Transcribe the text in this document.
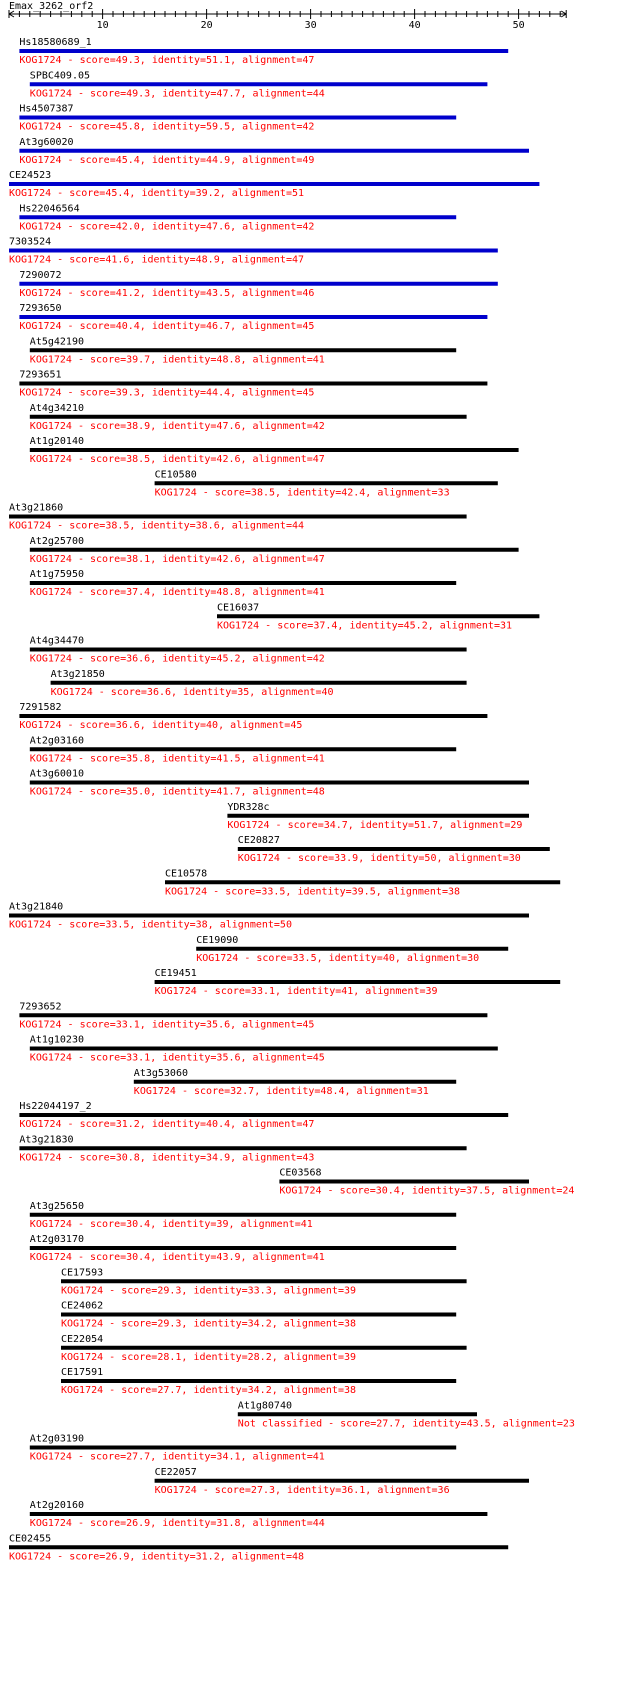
Emax_3262_orf2
10	20	30	40	50
Hs18580689_1
KOG1724 - score=49.3, identity=51.1, alignment=47
SPBC409.05
KOG1724 - score=49.3, identity=47.7, alignment=44
Hs4507387
KOG1724 - score=45.8, identity=59.5, alignment=42
At3g60020
KOG1724 - score=45.4, identity=44.9, alignment=49
CE24523
KOG1724 - score=45.4, identity=39.2, alignment=51
Hs22046564
KOG1724 - score=42.0, identity=47.6, alignment=42
7303524
KOG1724 - score=41.6, identity=48.9, alignment=47
7290072
KOG1724 - score=41.2, identity=43.5, alignment=46
7293650
KOG1724 - score=40.4, identity=46.7, alignment=45
At5g42190
KOG1724 - score=39.7, identity=48.8, alignment=41
7293651
KOG1724 - score=39.3, identity=44.4, alignment=45
At4g34210
KOG1724 - score=38.9, identity=47.6, alignment=42
At1g20140
KOG1724 - score=38.5, identity=42.6, alignment=47
CE10580
KOG1724 - score=38.5, identity=42.4, alignment=33
At3g21860
KOG1724 - score=38.5, identity=38.6, alignment=44
At2g25700
KOG1724 - score=38.1, identity=42.6, alignment=47
At1g75950
KOG1724 - score=37.4, identity=48.8, alignment=41
CE16037
KOG1724 - score=37.4, identity=45.2, alignment=31
At4g34470
KOG1724 - score=36.6, identity=45.2, alignment=42
At3g21850
KOG1724 - score=36.6, identity=35, alignment=40
7291582
KOG1724 - score=36.6, identity=40, alignment=45
At2g03160
KOG1724 - score=35.8, identity=41.5, alignment=41
At3g60010
KOG1724 - score=35.0, identity=41.7, alignment=48
YDR328c
KOG1724 - score=34.7, identity=51.7, alignment=29
CE20827
KOG1724 - score=33.9, identity=50, alignment=30
CE10578
KOG1724 - score=33.5, identity=39.5, alignment=38
At3g21840
KOG1724 - score=33.5, identity=38, alignment=50
CE19090
KOG1724 - score=33.5, identity=40, alignment=30
CE19451
KOG1724 - score=33.1, identity=41, alignment=39
7293652
KOG1724 - score=33.1, identity=35.6, alignment=45
At1g10230
KOG1724 - score=33.1, identity=35.6, alignment=45
At3g53060
KOG1724 - score=32.7, identity=48.4, alignment=31
Hs22044197_2
KOG1724 - score=31.2, identity=40.4, alignment=47
At3g21830
KOG1724 - score=30.8, identity=34.9, alignment=43
CE03568
KOG1724 - score=30.4, identity=37.5, alignment=24
At3g25650
KOG1724 - score=30.4, identity=39, alignment=41
At2g03170
KOG1724 - score=30.4, identity=43.9, alignment=41
CE17593
KOG1724 - score=29.3, identity=33.3, alignment=39
CE24062
KOG1724 - score=29.3, identity=34.2, alignment=38
CE22054
KOG1724 - score=28.1, identity=28.2, alignment=39
CE17591
KOG1724 - score=27.7, identity=34.2, alignment=38
At1g80740
Not classified - score=27.7, identity=43.5, alignment=23
At2g03190
KOG1724 - score=27.7, identity=34.1, alignment=41
CE22057
KOG1724 - score=27.3, identity=36.1, alignment=36
At2g20160
KOG1724 - score=26.9, identity=31.8, alignment=44
CE02455
KOG1724 - score=26.9, identity=31.2, alignment=48
